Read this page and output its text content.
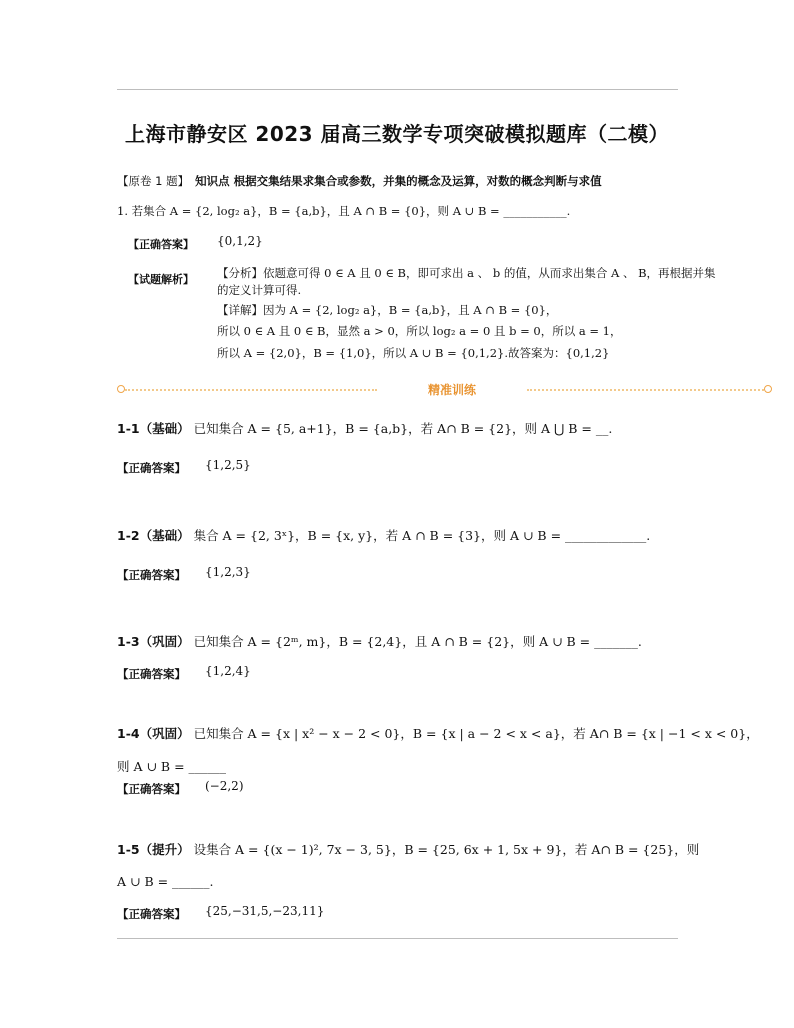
上海市静安区 2023 届高三数学专项突破模拟题库（二模）
【原卷 1 题】 知识点 根据交集结果求集合或参数，并集的概念及运算，对数的概念判断与求值
1. 若集合 A = {2, log₂ a}，B = {a,b}，且 A ∩ B = {0}，则 A ∪ B = ___________.
【正确答案】 {0,1,2}
【试题解析】 【分析】依题意可得 0 ∈ A 且 0 ∈ B，即可求出 a 、 b 的值，从而求出集合 A 、 B，再根据并集
的定义计算可得.
【详解】因为 A = {2, log₂ a}，B = {a,b}，且 A ∩ B = {0}，
所以 0 ∈ A 且 0 ∈ B，显然 a > 0，所以 log₂ a = 0 且 b = 0，所以 a = 1，
所以 A = {2,0}，B = {1,0}，所以 A ∪ B = {0,1,2}.故答案为：{0,1,2}
精准训练
1-1（基础） 已知集合 A = {5, a+1}，B = {a,b}，若 A∩ B = {2}，则 A ⋃ B = __.
【正确答案】 {1,2,5}
1-2（基础） 集合 A = {2, 3ˣ}，B = {x, y}，若 A ∩ B = {3}，则 A ∪ B = _____________.
【正确答案】 {1,2,3}
1-3（巩固） 已知集合 A = {2ᵐ, m}，B = {2,4}，且 A ∩ B = {2}，则 A ∪ B = _______.
【正确答案】 {1,2,4}
1-4（巩固） 已知集合 A = {x | x² − x − 2 < 0}，B = {x | a − 2 < x < a}，若 A∩ B = {x | −1 < x < 0}，
则 A ∪ B = ______
【正确答案】 (−2,2)
1-5（提升） 设集合 A = {(x − 1)², 7x − 3, 5}，B = {25, 6x + 1, 5x + 9}，若 A∩ B = {25}，则
A ∪ B = ______.
【正确答案】 {25,−31,5,−23,11}
